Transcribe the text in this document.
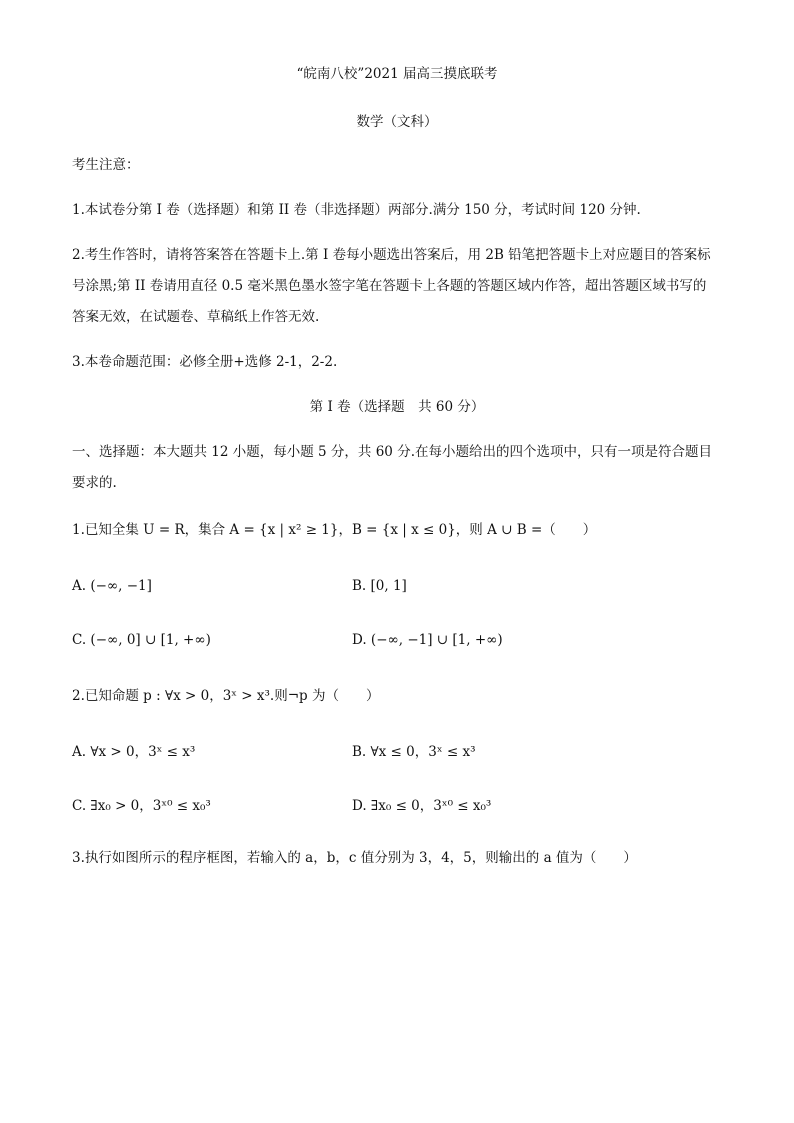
“皖南八校”2021 届高三摸底联考
数学（文科）
考生注意：
1.本试卷分第 I 卷（选择题）和第 II 卷（非选择题）两部分.满分 150 分，考试时间 120 分钟.
2.考生作答时，请将答案答在答题卡上.第 I 卷每小题选出答案后，用 2B 铅笔把答题卡上对应题目的答案标
号涂黑;第 II 卷请用直径 0.5 毫米黑色墨水签字笔在答题卡上各题的答题区域内作答，超出答题区域书写的
答案无效，在试题卷、草稿纸上作答无效.
3.本卷命题范围：必修全册+选修 2-1，2-2.
第 I 卷（选择题　共 60 分）
一、选择题：本大题共 12 小题，每小题 5 分，共 60 分.在每小题给出的四个选项中，只有一项是符合题目
要求的.
1.已知全集 U = R，集合 A = {x | x² ≥ 1}，B = {x | x ≤ 0}，则 A ∪ B =（　　）
A. (−∞, −1]	B. [0, 1]
C. (−∞, 0] ∪ [1, +∞)	D. (−∞, −1] ∪ [1, +∞)
2.已知命题 p : ∀x > 0，3ˣ > x³.则¬p 为（　　）
A. ∀x > 0，3ˣ ≤ x³	B. ∀x ≤ 0，3ˣ ≤ x³
C. ∃x₀ > 0，3ˣ⁰ ≤ x₀³	D. ∃x₀ ≤ 0，3ˣ⁰ ≤ x₀³
3.执行如图所示的程序框图，若输入的 a，b，c 值分别为 3，4，5，则输出的 a 值为（　　）
